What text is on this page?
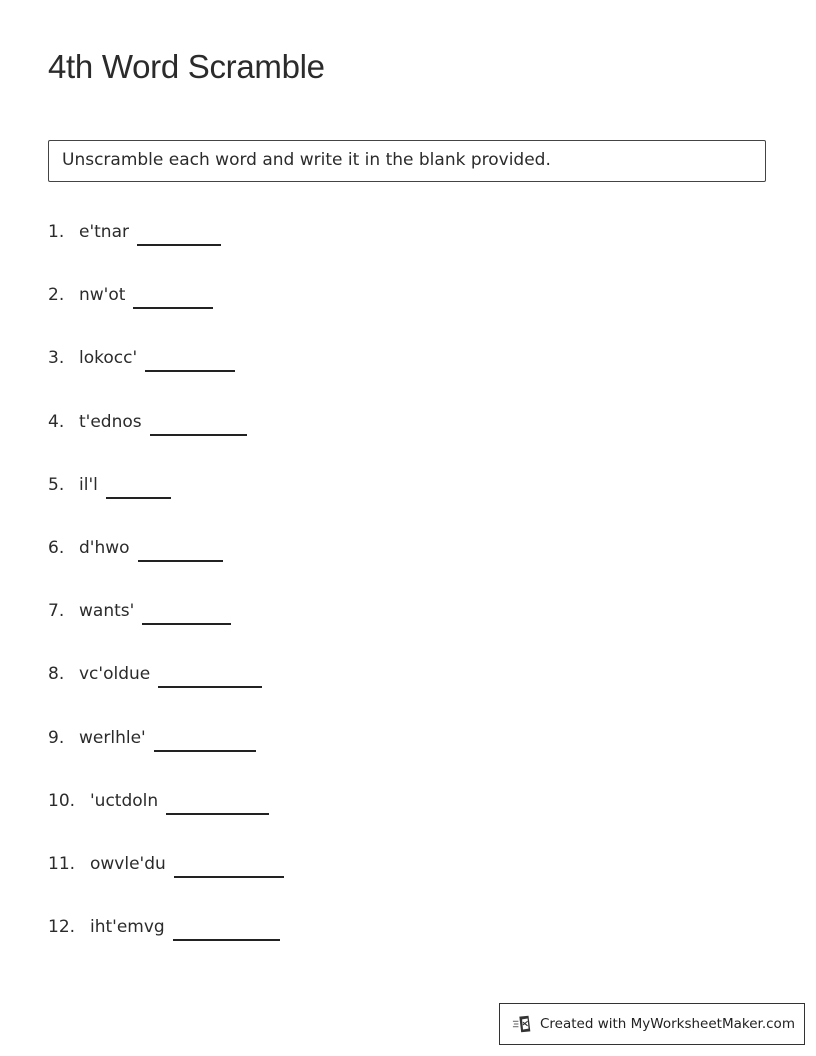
4th Word Scramble
Unscramble each word and write it in the blank provided.
1. e'tnar
2. nw'ot
3. lokocc'
4. t'ednos
5. il'l
6. d'hwo
7. wants'
8. vc'oldue
9. werlhle'
10. 'uctdoln
11. owvle'du
12. iht'emvg
Created with MyWorksheetMaker.com
